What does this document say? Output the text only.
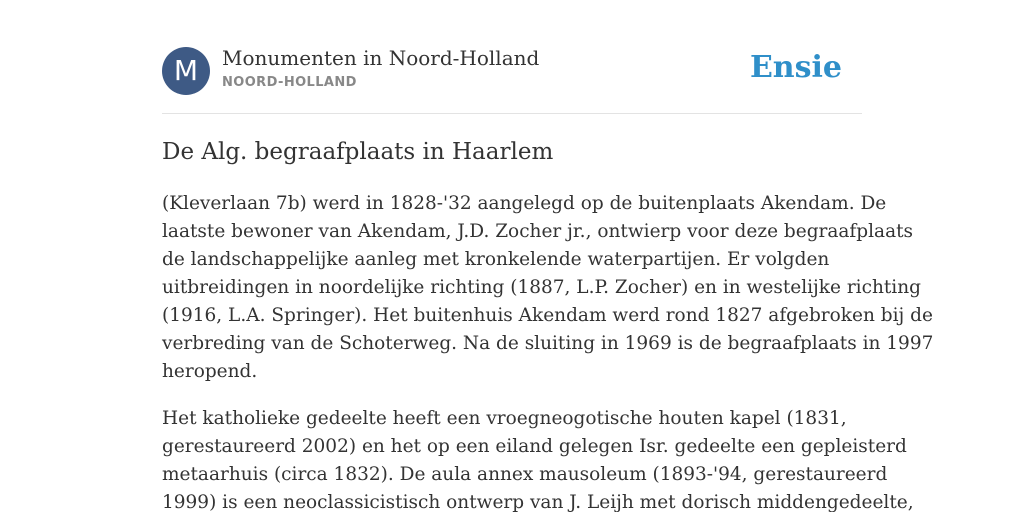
M	Monumenten in Noord-Holland
NOORD-HOLLAND	Ensie
De Alg. begraafplaats in Haarlem

(Kleverlaan 7b) werd in 1828-'32 aangelegd op de buitenplaats Akendam. De
laatste bewoner van Akendam, J.D. Zocher jr., ontwierp voor deze begraafplaats
de landschappelijke aanleg met kronkelende waterpartijen. Er volgden
uitbreidingen in noordelijke richting (1887, L.P. Zocher) en in westelijke richting
(1916, L.A. Springer). Het buitenhuis Akendam werd rond 1827 afgebroken bij de
verbreding van de Schoterweg. Na de sluiting in 1969 is de begraafplaats in 1997
heropend.

Het katholieke gedeelte heeft een vroegneogotische houten kapel (1831,
gerestaureerd 2002) en het op een eiland gelegen Isr. gedeelte een gepleisterd
metaarhuis (circa 1832). De aula annex mausoleum (1893-'94, gerestaureerd
1999) is een neoclassicistisch ontwerp van J. Leijh met dorisch middengedeelte,
